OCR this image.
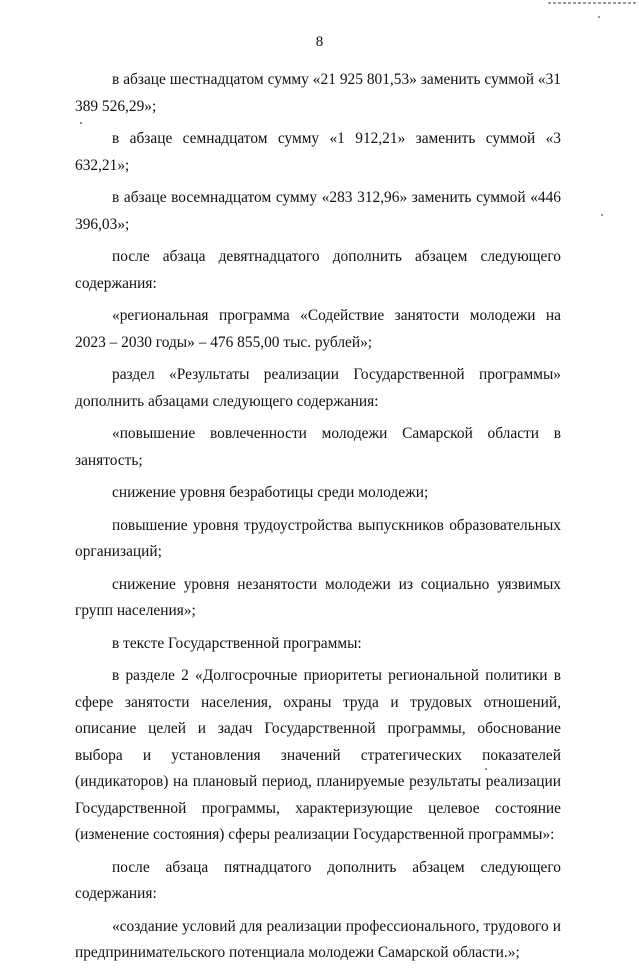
8

в абзаце шестнадцатом сумму «21 925 801,53» заменить суммой «31 389 526,29»;

в абзаце семнадцатом сумму «1 912,21» заменить суммой «3 632,21»;

в абзаце восемнадцатом сумму «283 312,96» заменить суммой «446 396,03»;

после абзаца девятнадцатого дополнить абзацем следующего содержания:

«региональная программа «Содействие занятости молодежи на 2023 – 2030 годы» – 476 855,00 тыс. рублей»;

раздел «Результаты реализации Государственной программы» дополнить абзацами следующего содержания:

«повышение вовлеченности молодежи Самарской области в занятость;

снижение уровня безработицы среди молодежи;

повышение уровня трудоустройства выпускников образовательных организаций;

снижение уровня незанятости молодежи из социально уязвимых групп населения»;

в тексте Государственной программы:

в разделе 2 «Долгосрочные приоритеты региональной политики в сфере занятости населения, охраны труда и трудовых отношений, описание целей и задач Государственной программы, обоснование выбора и установления значений стратегических показателей (индикаторов) на плановый период, планируемые результаты реализации Государственной программы, характеризующие целевое состояние (изменение состояния) сферы реализации Государственной программы»:

после абзаца пятнадцатого дополнить абзацем следующего содержания:

«создание условий для реализации профессионального, трудового и предпринимательского потенциала молодежи Самарской области.»;
